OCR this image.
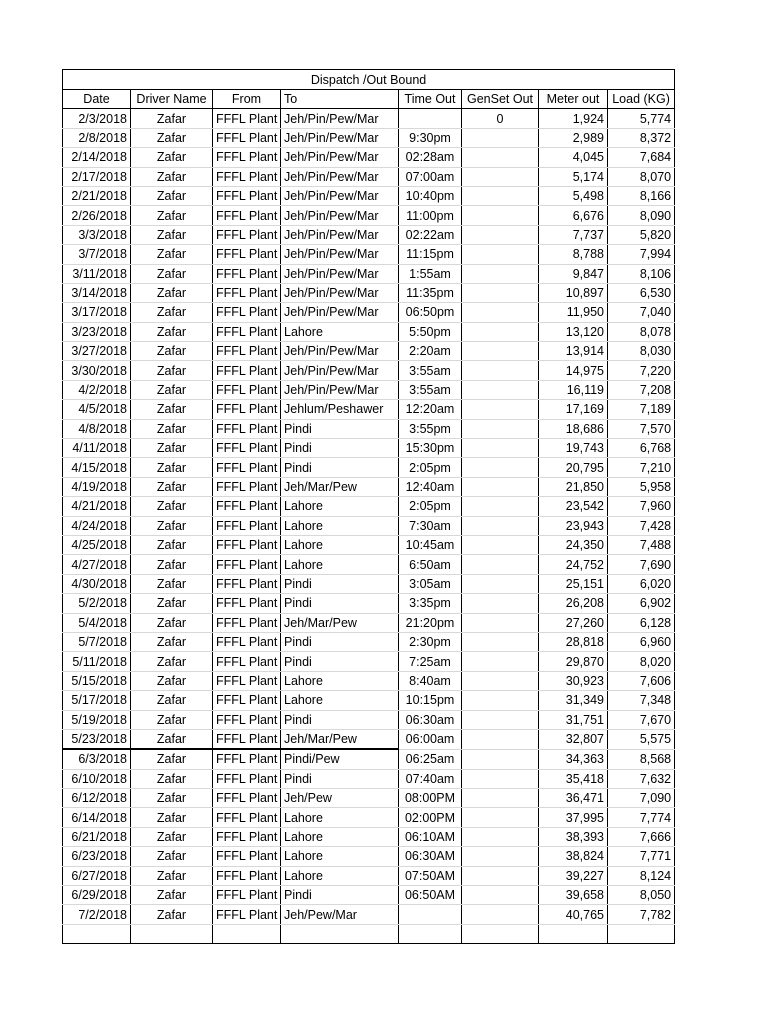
Dispatch /Out Bound							
Date	Driver Name	From	To	Time Out	GenSet Out	Meter out	Load (KG)
2/3/2018	Zafar	FFFL Plant	Jeh/Pin/Pew/Mar		0	1,924	5,774
2/8/2018	Zafar	FFFL Plant	Jeh/Pin/Pew/Mar	9:30pm		2,989	8,372
2/14/2018	Zafar	FFFL Plant	Jeh/Pin/Pew/Mar	02:28am		4,045	7,684
2/17/2018	Zafar	FFFL Plant	Jeh/Pin/Pew/Mar	07:00am		5,174	8,070
2/21/2018	Zafar	FFFL Plant	Jeh/Pin/Pew/Mar	10:40pm		5,498	8,166
2/26/2018	Zafar	FFFL Plant	Jeh/Pin/Pew/Mar	11:00pm		6,676	8,090
3/3/2018	Zafar	FFFL Plant	Jeh/Pin/Pew/Mar	02:22am		7,737	5,820
3/7/2018	Zafar	FFFL Plant	Jeh/Pin/Pew/Mar	11:15pm		8,788	7,994
3/11/2018	Zafar	FFFL Plant	Jeh/Pin/Pew/Mar	1:55am		9,847	8,106
3/14/2018	Zafar	FFFL Plant	Jeh/Pin/Pew/Mar	11:35pm		10,897	6,530
3/17/2018	Zafar	FFFL Plant	Jeh/Pin/Pew/Mar	06:50pm		11,950	7,040
3/23/2018	Zafar	FFFL Plant	Lahore	5:50pm		13,120	8,078
3/27/2018	Zafar	FFFL Plant	Jeh/Pin/Pew/Mar	2:20am		13,914	8,030
3/30/2018	Zafar	FFFL Plant	Jeh/Pin/Pew/Mar	3:55am		14,975	7,220
4/2/2018	Zafar	FFFL Plant	Jeh/Pin/Pew/Mar	3:55am		16,119	7,208
4/5/2018	Zafar	FFFL Plant	Jehlum/Peshawer	12:20am		17,169	7,189
4/8/2018	Zafar	FFFL Plant	Pindi	3:55pm		18,686	7,570
4/11/2018	Zafar	FFFL Plant	Pindi	15:30pm		19,743	6,768
4/15/2018	Zafar	FFFL Plant	Pindi	2:05pm		20,795	7,210
4/19/2018	Zafar	FFFL Plant	Jeh/Mar/Pew	12:40am		21,850	5,958
4/21/2018	Zafar	FFFL Plant	Lahore	2:05pm		23,542	7,960
4/24/2018	Zafar	FFFL Plant	Lahore	7:30am		23,943	7,428
4/25/2018	Zafar	FFFL Plant	Lahore	10:45am		24,350	7,488
4/27/2018	Zafar	FFFL Plant	Lahore	6:50am		24,752	7,690
4/30/2018	Zafar	FFFL Plant	Pindi	3:05am		25,151	6,020
5/2/2018	Zafar	FFFL Plant	Pindi	3:35pm		26,208	6,902
5/4/2018	Zafar	FFFL Plant	Jeh/Mar/Pew	21:20pm		27,260	6,128
5/7/2018	Zafar	FFFL Plant	Pindi	2:30pm		28,818	6,960
5/11/2018	Zafar	FFFL Plant	Pindi	7:25am		29,870	8,020
5/15/2018	Zafar	FFFL Plant	Lahore	8:40am		30,923	7,606
5/17/2018	Zafar	FFFL Plant	Lahore	10:15pm		31,349	7,348
5/19/2018	Zafar	FFFL Plant	Pindi	06:30am		31,751	7,670
5/23/2018	Zafar	FFFL Plant	Jeh/Mar/Pew	06:00am		32,807	5,575
6/3/2018	Zafar	FFFL Plant	Pindi/Pew	06:25am		34,363	8,568
6/10/2018	Zafar	FFFL Plant	Pindi	07:40am		35,418	7,632
6/12/2018	Zafar	FFFL Plant	Jeh/Pew	08:00PM		36,471	7,090
6/14/2018	Zafar	FFFL Plant	Lahore	02:00PM		37,995	7,774
6/21/2018	Zafar	FFFL Plant	Lahore	06:10AM		38,393	7,666
6/23/2018	Zafar	FFFL Plant	Lahore	06:30AM		38,824	7,771
6/27/2018	Zafar	FFFL Plant	Lahore	07:50AM		39,227	8,124
6/29/2018	Zafar	FFFL Plant	Pindi	06:50AM		39,658	8,050
7/2/2018	Zafar	FFFL Plant	Jeh/Pew/Mar			40,765	7,782
